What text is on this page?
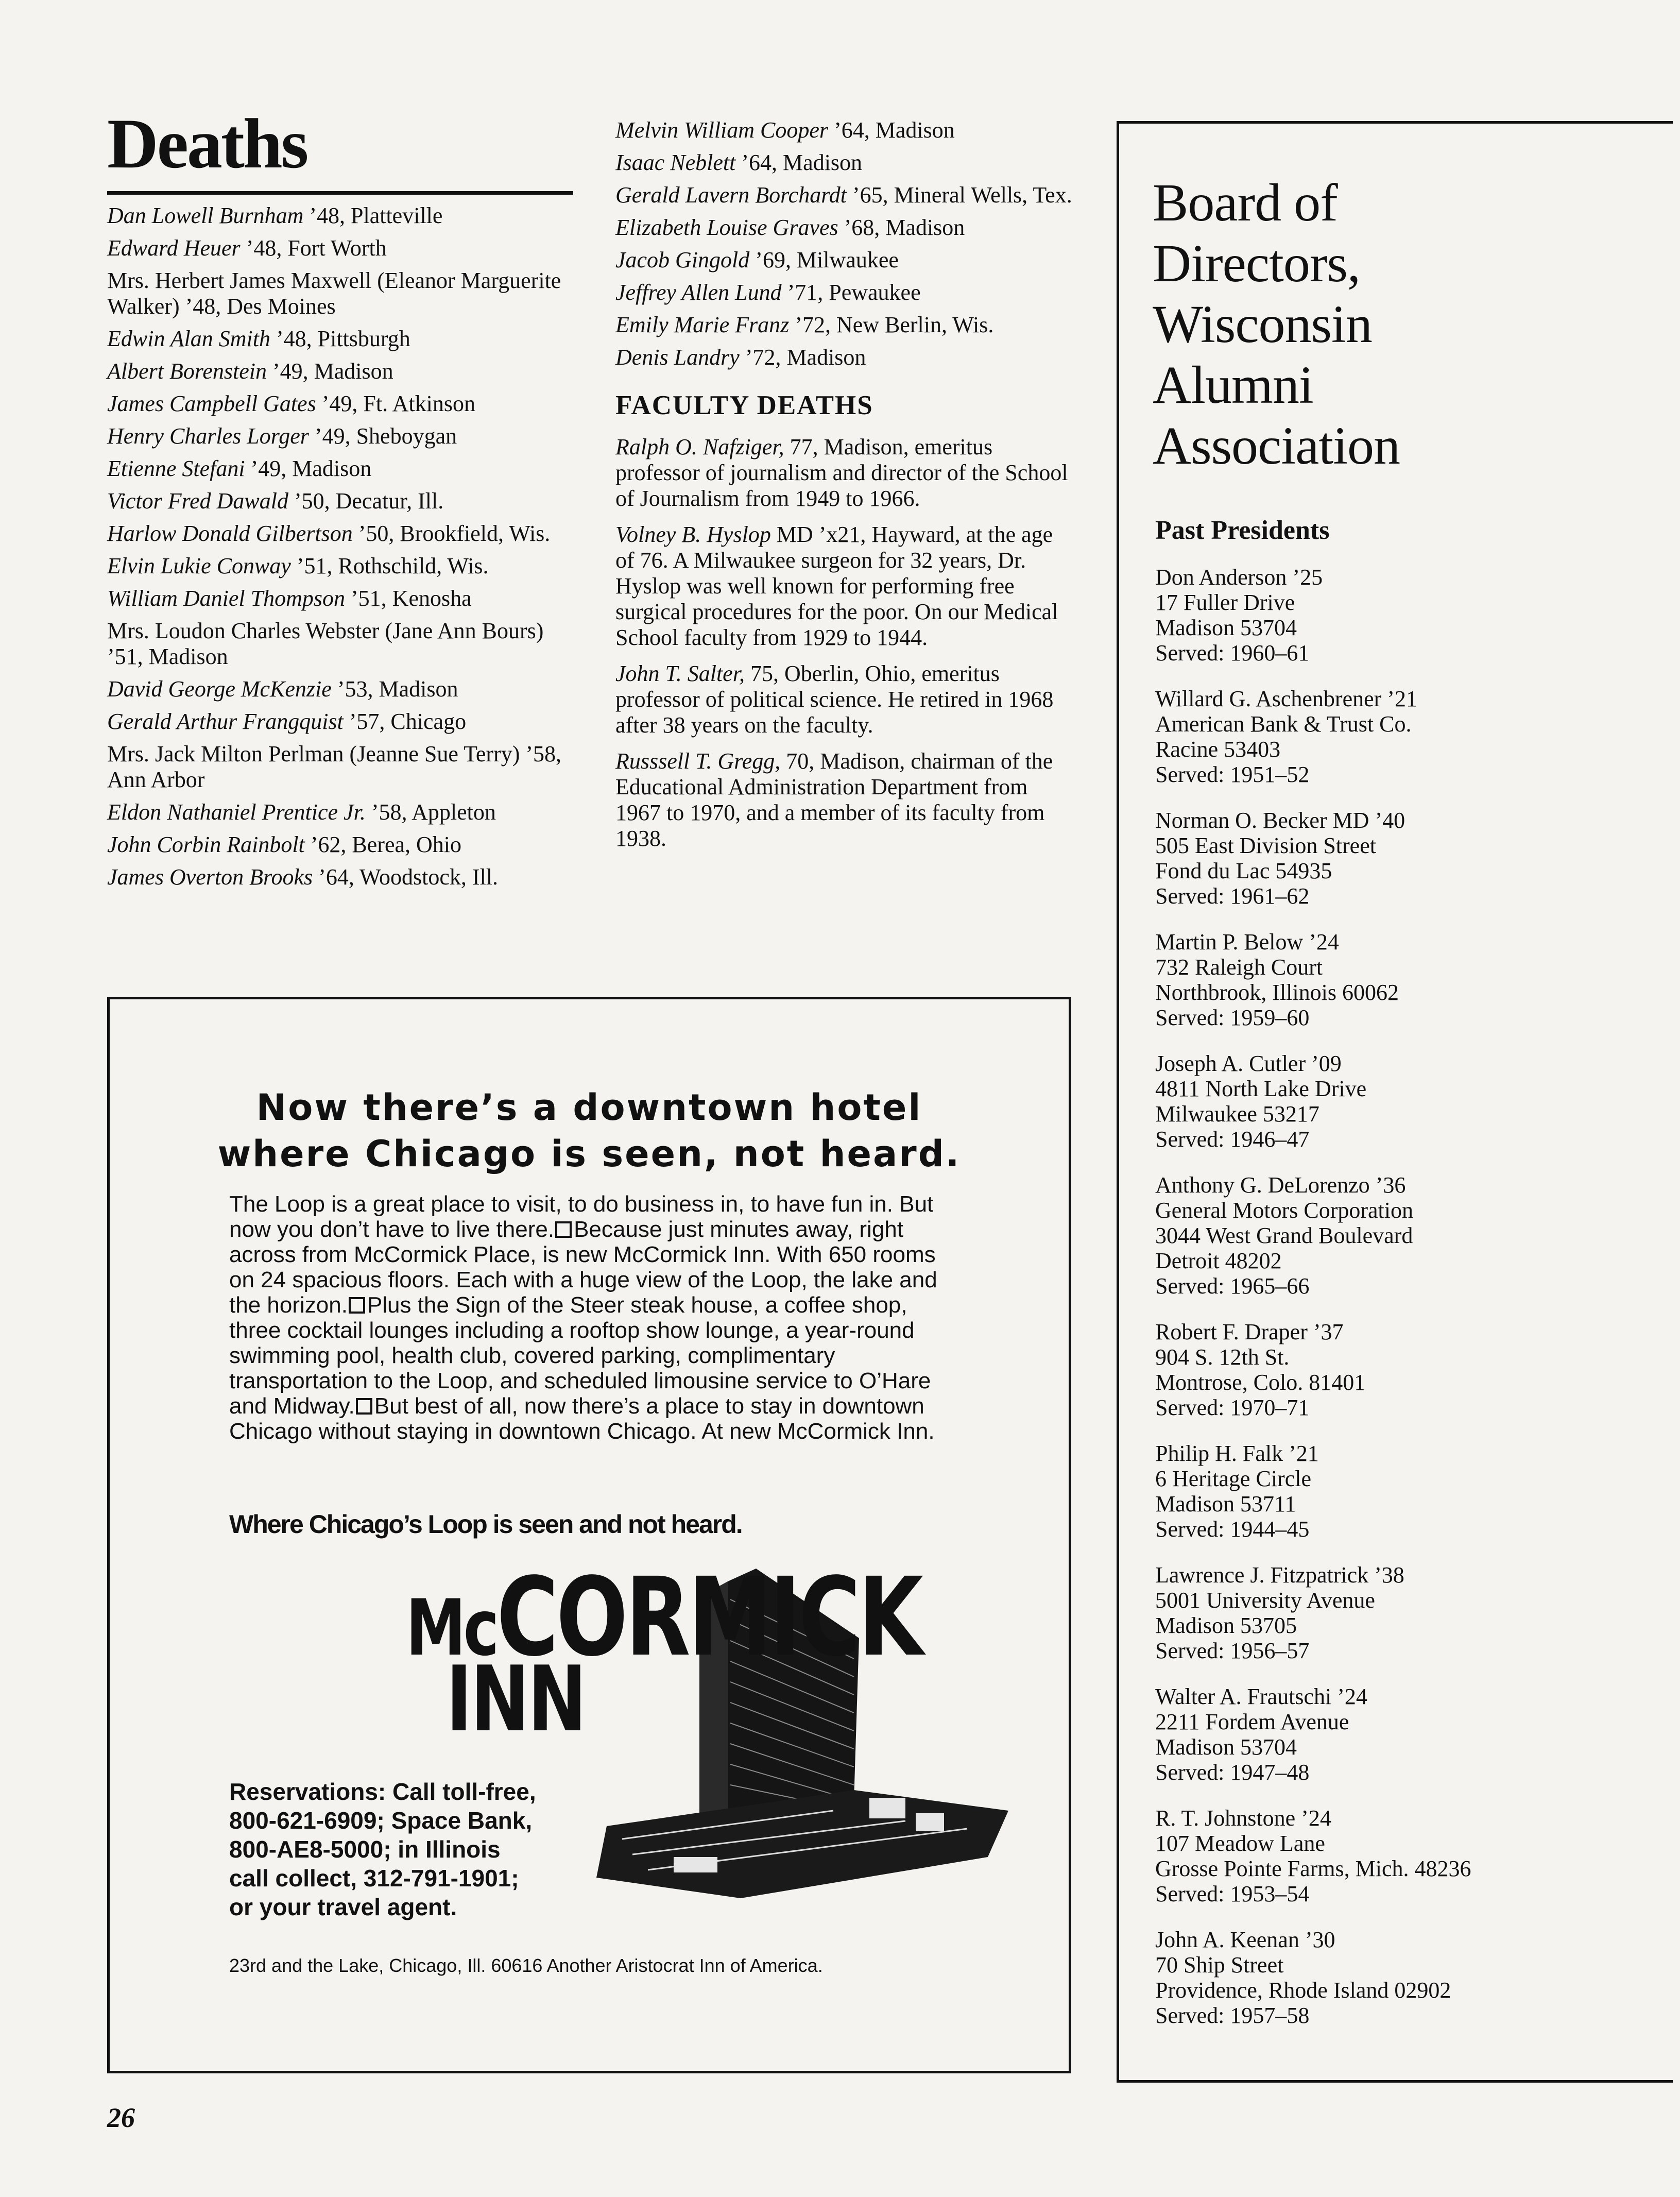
Deaths
Dan Lowell Burnham ’48, Platteville
Edward Heuer ’48, Fort Worth
Mrs. Herbert James Maxwell (Eleanor Marguerite Walker) ’48, Des Moines
Edwin Alan Smith ’48, Pittsburgh
Albert Borenstein ’49, Madison
James Campbell Gates ’49, Ft. Atkinson
Henry Charles Lorger ’49, Sheboygan
Etienne Stefani ’49, Madison
Victor Fred Dawald ’50, Decatur, Ill.
Harlow Donald Gilbertson ’50, Brookfield, Wis.
Elvin Lukie Conway ’51, Rothschild, Wis.
William Daniel Thompson ’51, Kenosha
Mrs. Loudon Charles Webster (Jane Ann Bours) ’51, Madison
David George McKenzie ’53, Madison
Gerald Arthur Frangquist ’57, Chicago
Mrs. Jack Milton Perlman (Jeanne Sue Terry) ’58, Ann Arbor
Eldon Nathaniel Prentice Jr. ’58, Appleton
John Corbin Rainbolt ’62, Berea, Ohio
James Overton Brooks ’64, Woodstock, Ill.
Melvin William Cooper ’64, Madison
Isaac Neblett ’64, Madison
Gerald Lavern Borchardt ’65, Mineral Wells, Tex.
Elizabeth Louise Graves ’68, Madison
Jacob Gingold ’69, Milwaukee
Jeffrey Allen Lund ’71, Pewaukee
Emily Marie Franz ’72, New Berlin, Wis.
Denis Landry ’72, Madison
FACULTY DEATHS
Ralph O. Nafziger, 77, Madison, emeritus professor of journalism and director of the School of Journalism from 1949 to 1966.
Volney B. Hyslop MD ’x21, Hayward, at the age of 76. A Milwaukee surgeon for 32 years, Dr. Hyslop was well known for performing free surgical procedures for the poor. On our Medical School faculty from 1929 to 1944.
John T. Salter, 75, Oberlin, Ohio, emeritus professor of political science. He retired in 1968 after 38 years on the faculty.
Russsell T. Gregg, 70, Madison, chairman of the Educational Administration Department from 1967 to 1970, and a member of its faculty from 1938.
Now there’s a downtown hotel
where Chicago is seen, not heard.
The Loop is a great place to visit, to do business in, to have fun in. But now you don’t have to live there. Because just minutes away, right across from McCormick Place, is new McCormick Inn. With 650 rooms on 24 spacious floors. Each with a huge view of the Loop, the lake and the horizon. Plus the Sign of the Steer steak house, a coffee shop, three cocktail lounges including a rooftop show lounge, a year-round swimming pool, health club, covered parking, complimentary transportation to the Loop, and scheduled limousine service to O’Hare and Midway. But best of all, now there’s a place to stay in downtown Chicago without staying in downtown Chicago. At new McCormick Inn.
Where Chicago’s Loop is seen and not heard.
McCORMICK
INN
Reservations: Call toll-free,
800-621-6909; Space Bank,
800-AE8-5000; in Illinois
call collect, 312-791-1901;
or your travel agent.
23rd and the Lake, Chicago, Ill. 60616 Another Aristocrat Inn of America.
Board of
Directors,
Wisconsin
Alumni
Association
Past Presidents
Don Anderson ’25
17 Fuller Drive
Madison 53704
Served: 1960–61
Willard G. Aschenbrener ’21
American Bank & Trust Co.
Racine 53403
Served: 1951–52
Norman O. Becker MD ’40
505 East Division Street
Fond du Lac 54935
Served: 1961–62
Martin P. Below ’24
732 Raleigh Court
Northbrook, Illinois 60062
Served: 1959–60
Joseph A. Cutler ’09
4811 North Lake Drive
Milwaukee 53217
Served: 1946–47
Anthony G. DeLorenzo ’36
General Motors Corporation
3044 West Grand Boulevard
Detroit 48202
Served: 1965–66
Robert F. Draper ’37
904 S. 12th St.
Montrose, Colo. 81401
Served: 1970–71
Philip H. Falk ’21
6 Heritage Circle
Madison 53711
Served: 1944–45
Lawrence J. Fitzpatrick ’38
5001 University Avenue
Madison 53705
Served: 1956–57
Walter A. Frautschi ’24
2211 Fordem Avenue
Madison 53704
Served: 1947–48
R. T. Johnstone ’24
107 Meadow Lane
Grosse Pointe Farms, Mich. 48236
Served: 1953–54
John A. Keenan ’30
70 Ship Street
Providence, Rhode Island 02902
Served: 1957–58
26
